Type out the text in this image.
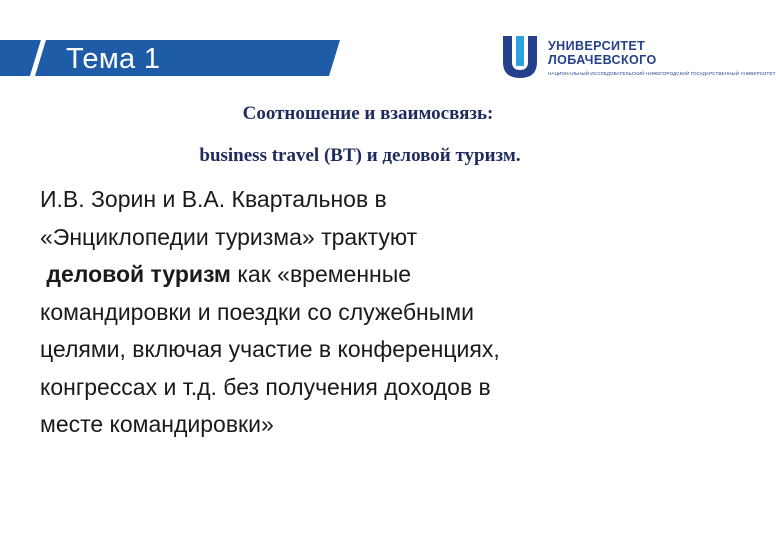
Тема 1	УНИВЕРСИТЕТ
ЛОБАЧЕВСКОГО
НАЦИОНАЛЬНЫЙ ИССЛЕДОВАТЕЛЬСКИЙ НИЖЕГОРОДСКИЙ ГОСУДАРСТВЕННЫЙ УНИВЕРСИТЕТ
Соотношение и взаимосвязь:
business travel (BT) и деловой туризм.
И.В. Зорин и В.А. Квартальнов в
«Энциклопедии туризма» трактуют
деловой туризм как «временные
командировки и поездки со служебными
целями, включая участие в конференциях,
конгрессах и т.д. без получения доходов в
месте командировки»
